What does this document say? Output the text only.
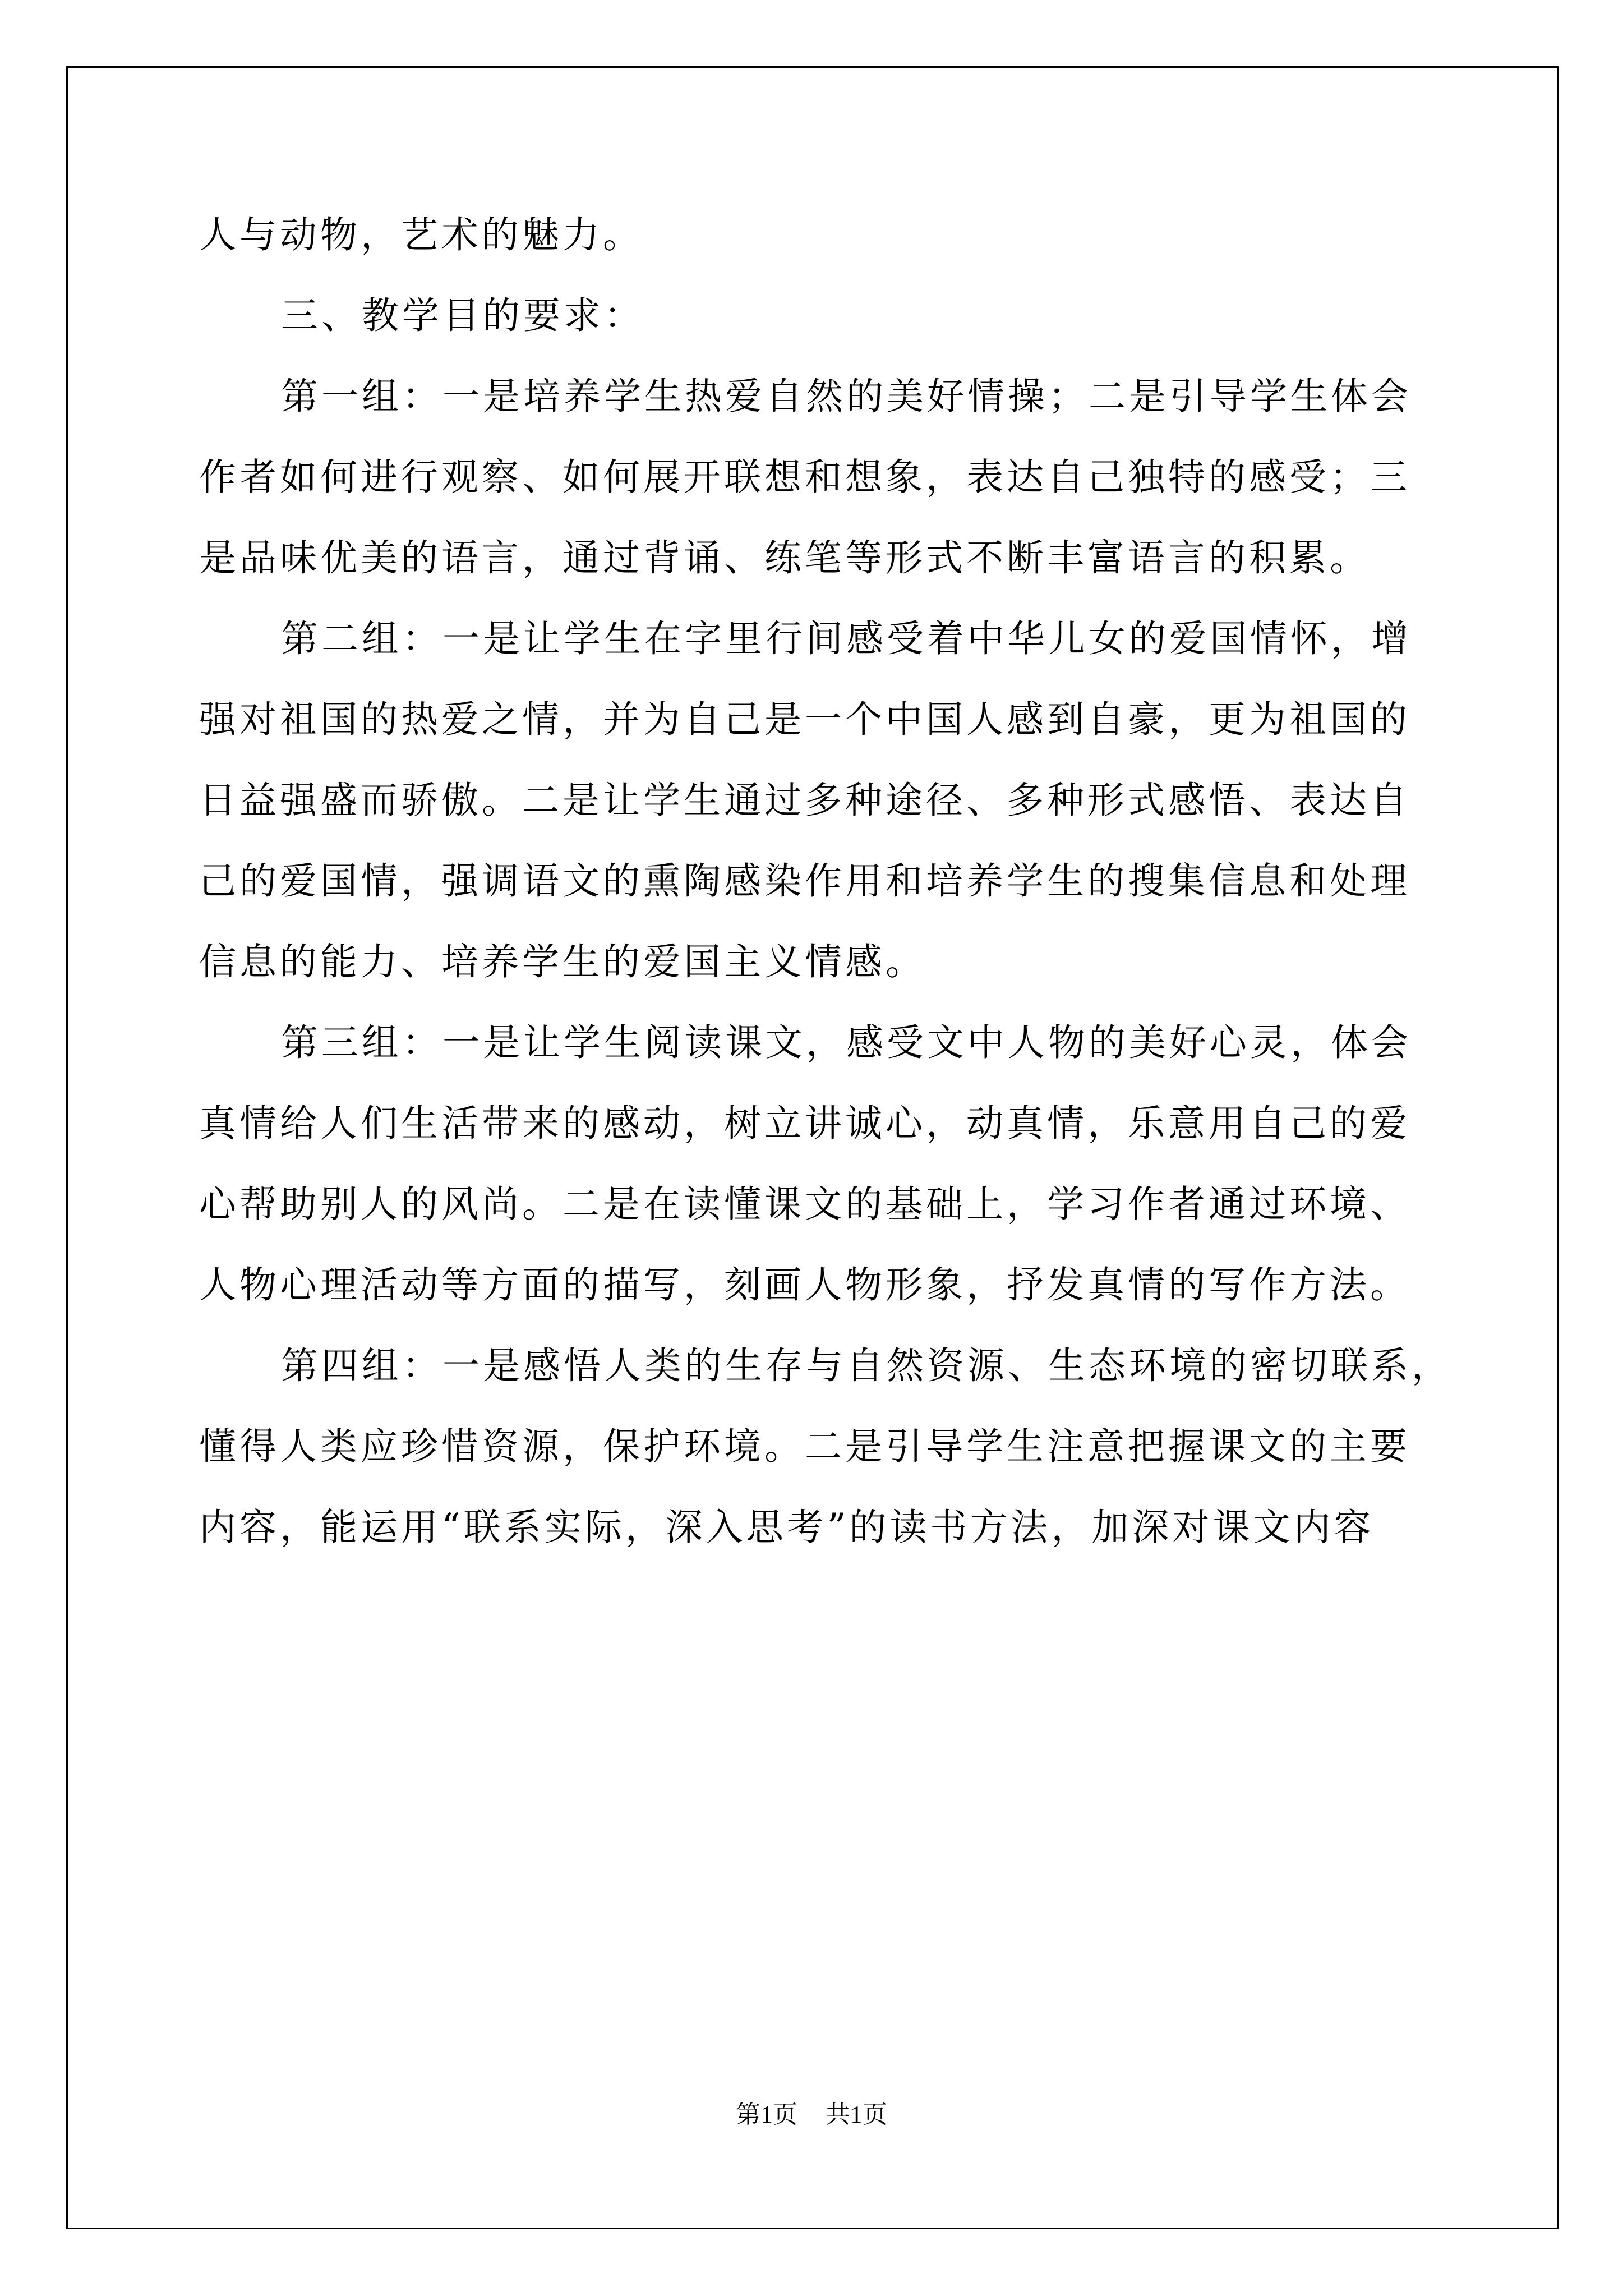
人与动物，艺术的魅力。
三、教学目的要求：
第一组：一是培养学生热爱自然的美好情操；二是引导学生体会
作者如何进行观察、如何展开联想和想象，表达自己独特的感受；三
是品味优美的语言，通过背诵、练笔等形式不断丰富语言的积累。
第二组：一是让学生在字里行间感受着中华儿女的爱国情怀，增
强对祖国的热爱之情，并为自己是一个中国人感到自豪，更为祖国的
日益强盛而骄傲。二是让学生通过多种途径、多种形式感悟、表达自
己的爱国情，强调语文的熏陶感染作用和培养学生的搜集信息和处理
信息的能力、培养学生的爱国主义情感。
第三组：一是让学生阅读课文，感受文中人物的美好心灵，体会
真情给人们生活带来的感动，树立讲诚心，动真情，乐意用自己的爱
心帮助别人的风尚。二是在读懂课文的基础上，学习作者通过环境、
人物心理活动等方面的描写，刻画人物形象，抒发真情的写作方法。
第四组：一是感悟人类的生存与自然资源、生态环境的密切联系，
懂得人类应珍惜资源，保护环境。二是引导学生注意把握课文的主要
内容，能运用“联系实际，深入思考”的读书方法，加深对课文内容
第1页 共1页
